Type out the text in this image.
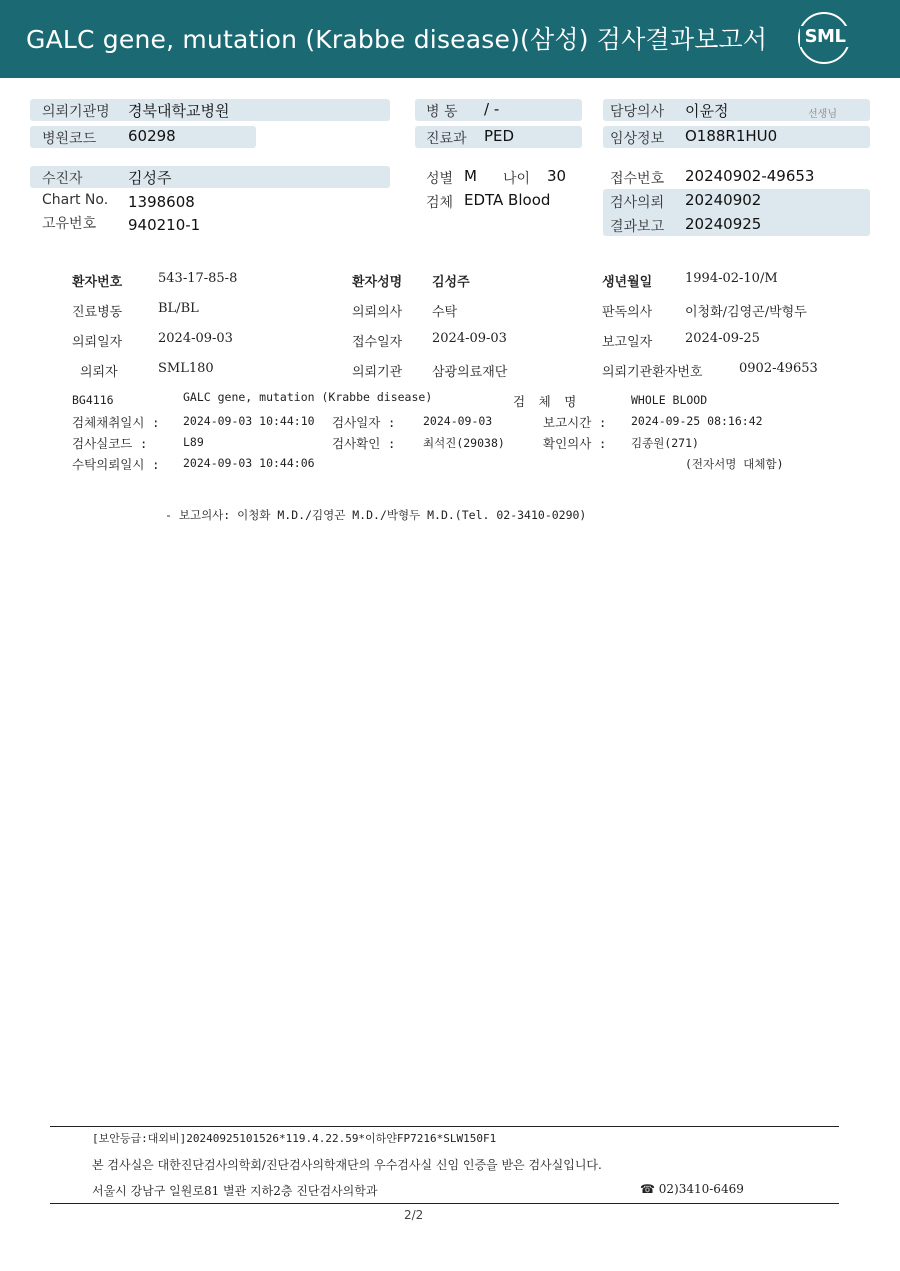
GALC gene, mutation (Krabbe disease)(삼성) 검사결과보고서 SML
의뢰기관명 경북대학교병원
병원코드 60298
병 동 / -
진료과 PED
담당의사 이윤정	선생님
임상정보 O188R1HU0
수진자	김성주
Chart No. 1398608
고유번호 940210-1
성별 M 나이 30
검체 EDTA Blood
접수번호 20240902-49653
검사의뢰 20240902
결과보고 20240925
환자번호	543-17-85-8	환자성명 김성주	생년월일	1994-02-10/M
진료병동	BL/BL	의뢰의사 수탁	판독의사	이청화/김영곤/박형두
의뢰일자	2024-09-03	접수일자 2024-09-03	보고일자	2024-09-25
의뢰자	SML180	의뢰기관 삼광의료재단	의뢰기관환자번호	0902-49653
BG4116	GALC gene, mutation (Krabbe disease)	검 체 명	WHOLE BLOOD
검체채취일시 : 2024-09-03 10:44:10 검사일자 : 2024-09-03	보고시간 : 2024-09-25 08:16:42
검사실코드 :	L89	검사확인 : 최석진(29038)	확인의사 : 김종원(271)
수탁의뢰일시 : 2024-09-03 10:44:06	(전자서명 대체함)
- 보고의사: 이청화 M.D./김영곤 M.D./박형두 M.D.(Tel. 02-3410-0290)
[보안등급:대외비]20240925101526*119.4.22.59*이하얀FP7216*SLW150F1
본 검사실은 대한진단검사의학회/진단검사의학재단의 우수검사실 신임 인증을 받은 검사실입니다.
서울시 강남구 일원로81 별관 지하2층 진단검사의학과	☎ 02)3410-6469
2/2
